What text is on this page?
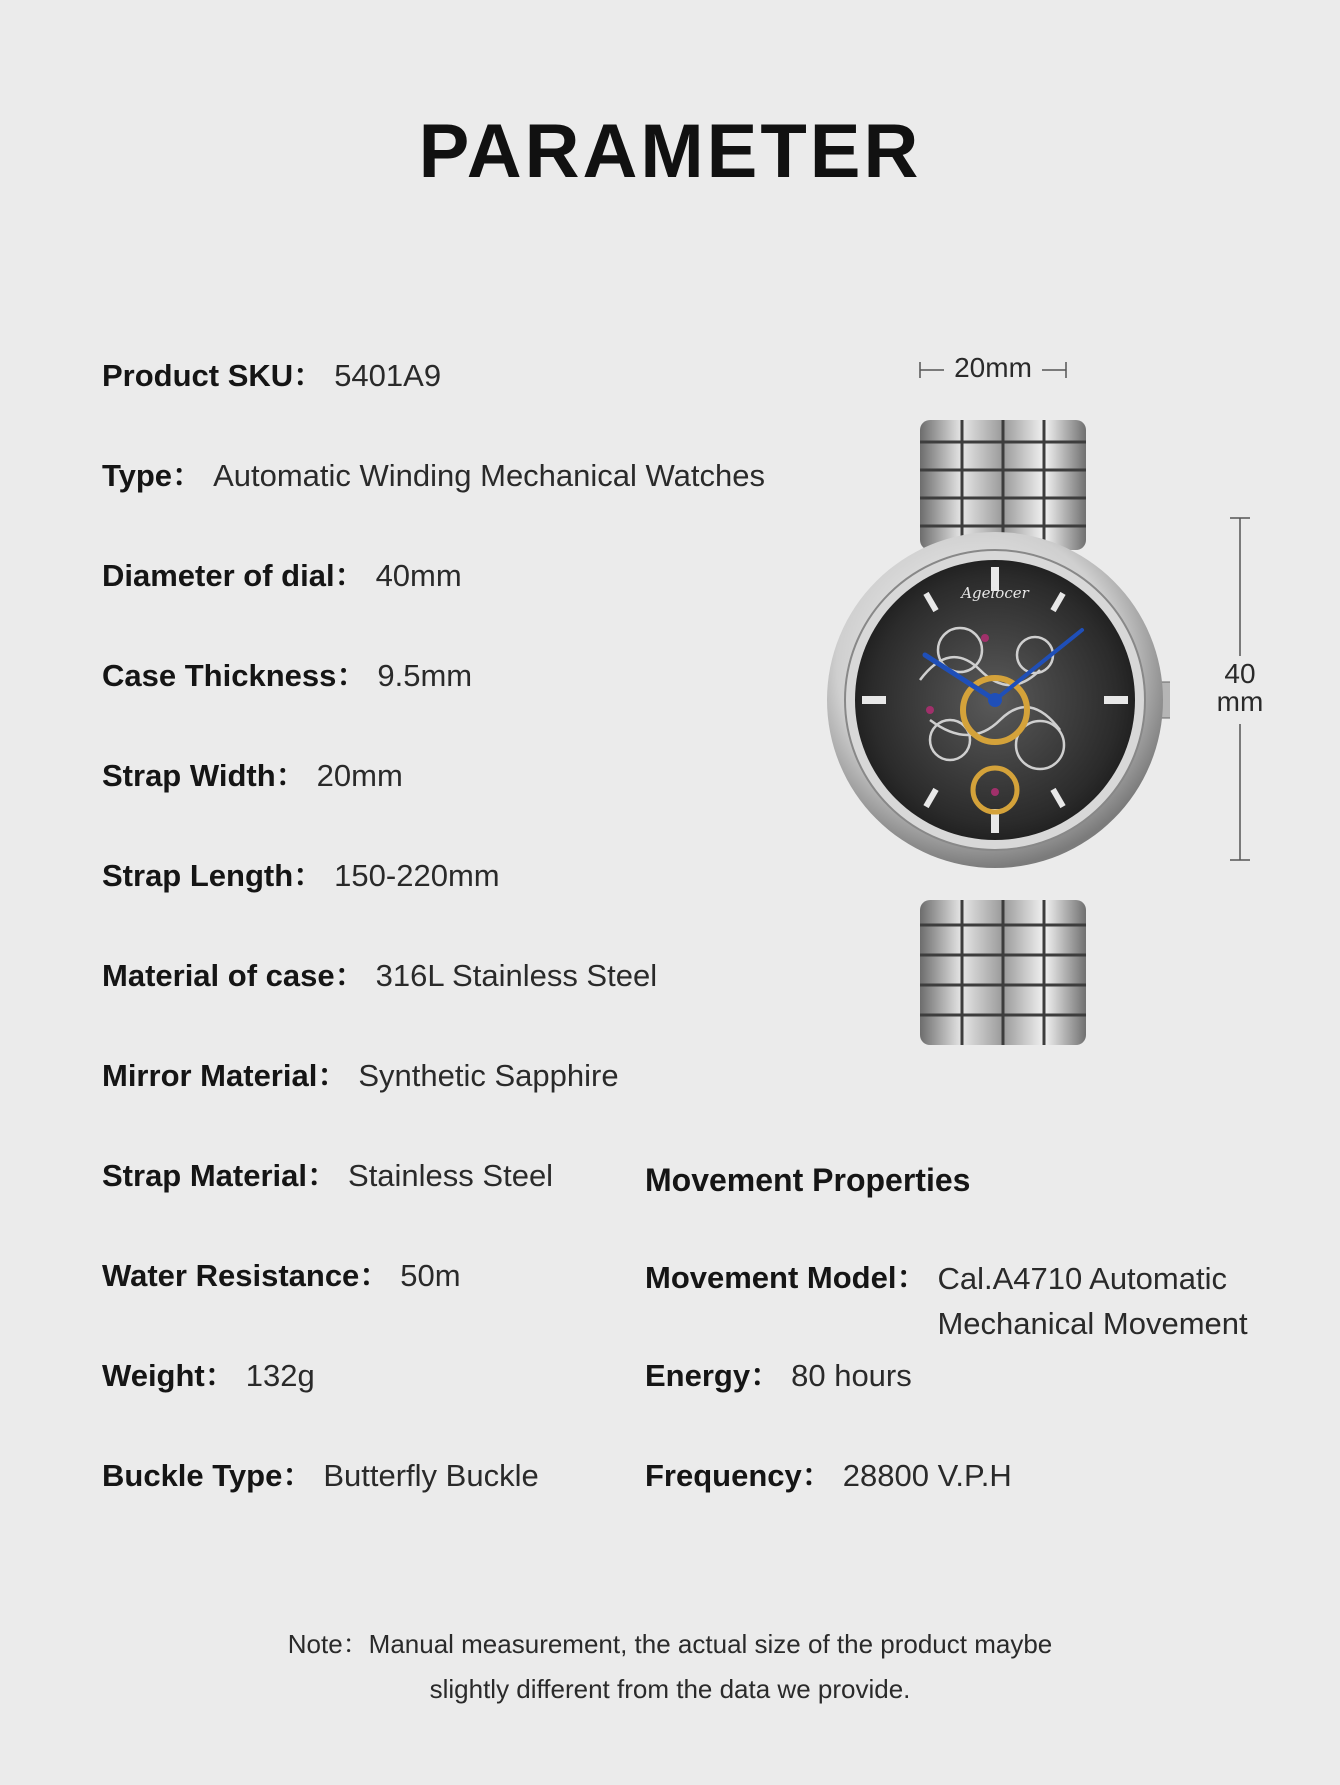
PARAMETER
Product SKU： 5401A9
Type： Automatic Winding Mechanical Watches
Diameter of dial： 40mm
Case Thickness： 9.5mm
Strap Width： 20mm
Strap Length： 150-220mm
Material of case： 316L Stainless Steel
Mirror Material： Synthetic Sapphire
Strap Material： Stainless Steel
Water Resistance： 50m
Weight： 132g
Buckle Type： Butterfly Buckle
Movement Properties
Movement Model： Cal.A4710 Automatic Mechanical Movement
Energy： 80 hours
Frequency： 28800 V.P.H
20mm
40
mm
Agelocer
Note：Manual measurement, the actual size of the product maybe
slightly different from the data we provide.
